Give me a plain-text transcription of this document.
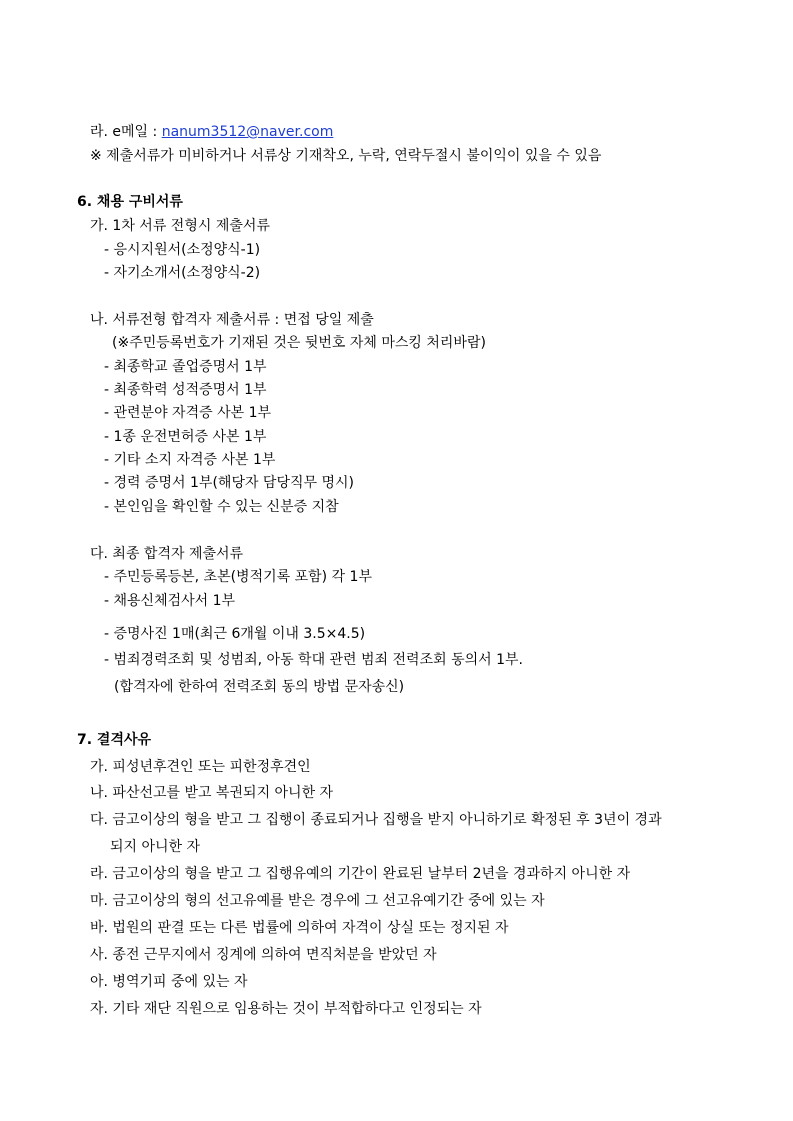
라. e메일 : nanum3512@naver.com
※ 제출서류가 미비하거나 서류상 기재착오, 누락, 연락두절시 불이익이 있을 수 있음
6. 채용 구비서류
가. 1차 서류 전형시 제출서류
- 응시지원서(소정양식-1)
- 자기소개서(소정양식-2)
나. 서류전형 합격자 제출서류 : 면접 당일 제출
(※주민등록번호가 기재된 것은 뒷번호 자체 마스킹 처리바람)
- 최종학교 졸업증명서 1부
- 최종학력 성적증명서 1부
- 관련분야 자격증 사본 1부
- 1종 운전면허증 사본 1부
- 기타 소지 자격증 사본 1부
- 경력 증명서 1부(해당자 담당직무 명시)
- 본인임을 확인할 수 있는 신분증 지참
다. 최종 합격자 제출서류
- 주민등록등본, 초본(병적기록 포함) 각 1부
- 채용신체검사서 1부
- 증명사진 1매(최근 6개월 이내 3.5×4.5)
- 범죄경력조회 및 성범죄, 아동 학대 관련 범죄 전력조회 동의서 1부.
(합격자에 한하여 전력조회 동의 방법 문자송신)
7. 결격사유
가. 피성년후견인 또는 피한정후견인
나. 파산선고를 받고 복권되지 아니한 자
다. 금고이상의 형을 받고 그 집행이 종료되거나 집행을 받지 아니하기로 확정된 후 3년이 경과
되지 아니한 자
라. 금고이상의 형을 받고 그 집행유예의 기간이 완료된 날부터 2년을 경과하지 아니한 자
마. 금고이상의 형의 선고유예를 받은 경우에 그 선고유예기간 중에 있는 자
바. 법원의 판결 또는 다른 법률에 의하여 자격이 상실 또는 정지된 자
사. 종전 근무지에서 징계에 의하여 면직처분을 받았던 자
아. 병역기피 중에 있는 자
자. 기타 재단 직원으로 임용하는 것이 부적합하다고 인정되는 자
